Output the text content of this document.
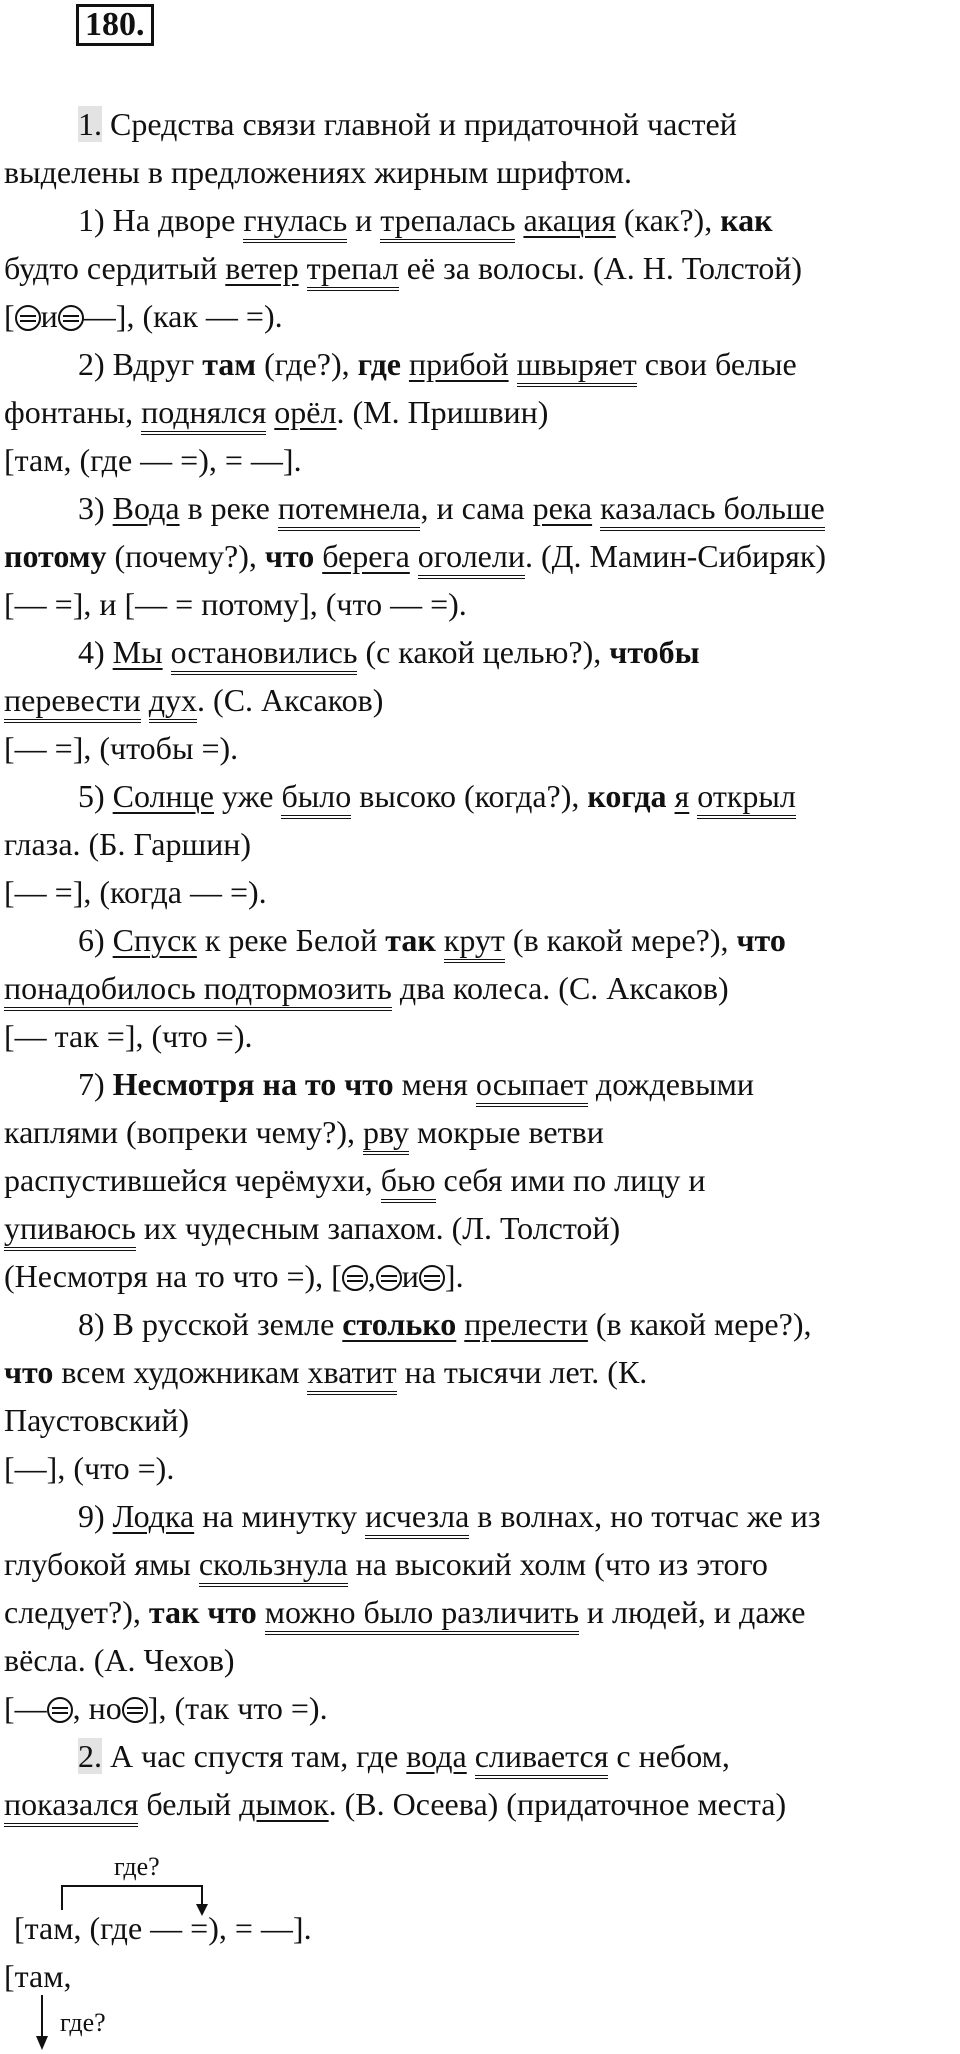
180.
1. Средства связи главной и придаточной частей
выделены в предложениях жирным шрифтом.
1) На дворе гнулась и трепалась акация (как?), как
будто сердитый ветер трепал её за волосы. (А. Н. Толстой)
[ и —], (как — =).
2) Вдруг там (где?), где прибой швыряет свои белые
фонтаны, поднялся орёл. (М. Пришвин)
[там, (где — =), = —].
3) Вода в реке потемнела, и сама река казалась больше
потому (почему?), что берега оголели. (Д. Мамин-Сибиряк)
[— =], и [— = потому], (что — =).
4) Мы остановились (с какой целью?), чтобы
перевести дух. (С. Аксаков)
[— =], (чтобы =).
5) Солнце уже было высоко (когда?), когда я открыл
глаза. (Б. Гаршин)
[— =], (когда — =).
6) Спуск к реке Белой так крут (в какой мере?), что
понадобилось подтормозить два колеса. (С. Аксаков)
[— так =], (что =).
7) Несмотря на то что меня осыпает дождевыми
каплями (вопреки чему?), рву мокрые ветви
распустившейся черёмухи, бью себя ими по лицу и
упиваюсь их чудесным запахом. (Л. Толстой)
(Несмотря на то что =), [ , и ].
8) В русской земле столько прелести (в какой мере?),
что всем художникам хватит на тысячи лет. (К.
Паустовский)
[—], (что =).
9) Лодка на минутку исчезла в волнах, но тотчас же из
глубокой ямы скользнула на высокий холм (что из этого
следует?), так что можно было различить и людей, и даже
вёсла. (А. Чехов)
[— , но ], (так что =).
2. А час спустя там, где вода сливается с небом,
показался белый дымок. (В. Осеева) (придаточное места)
где?
[там, (где — =), = —].
[там,
где?
